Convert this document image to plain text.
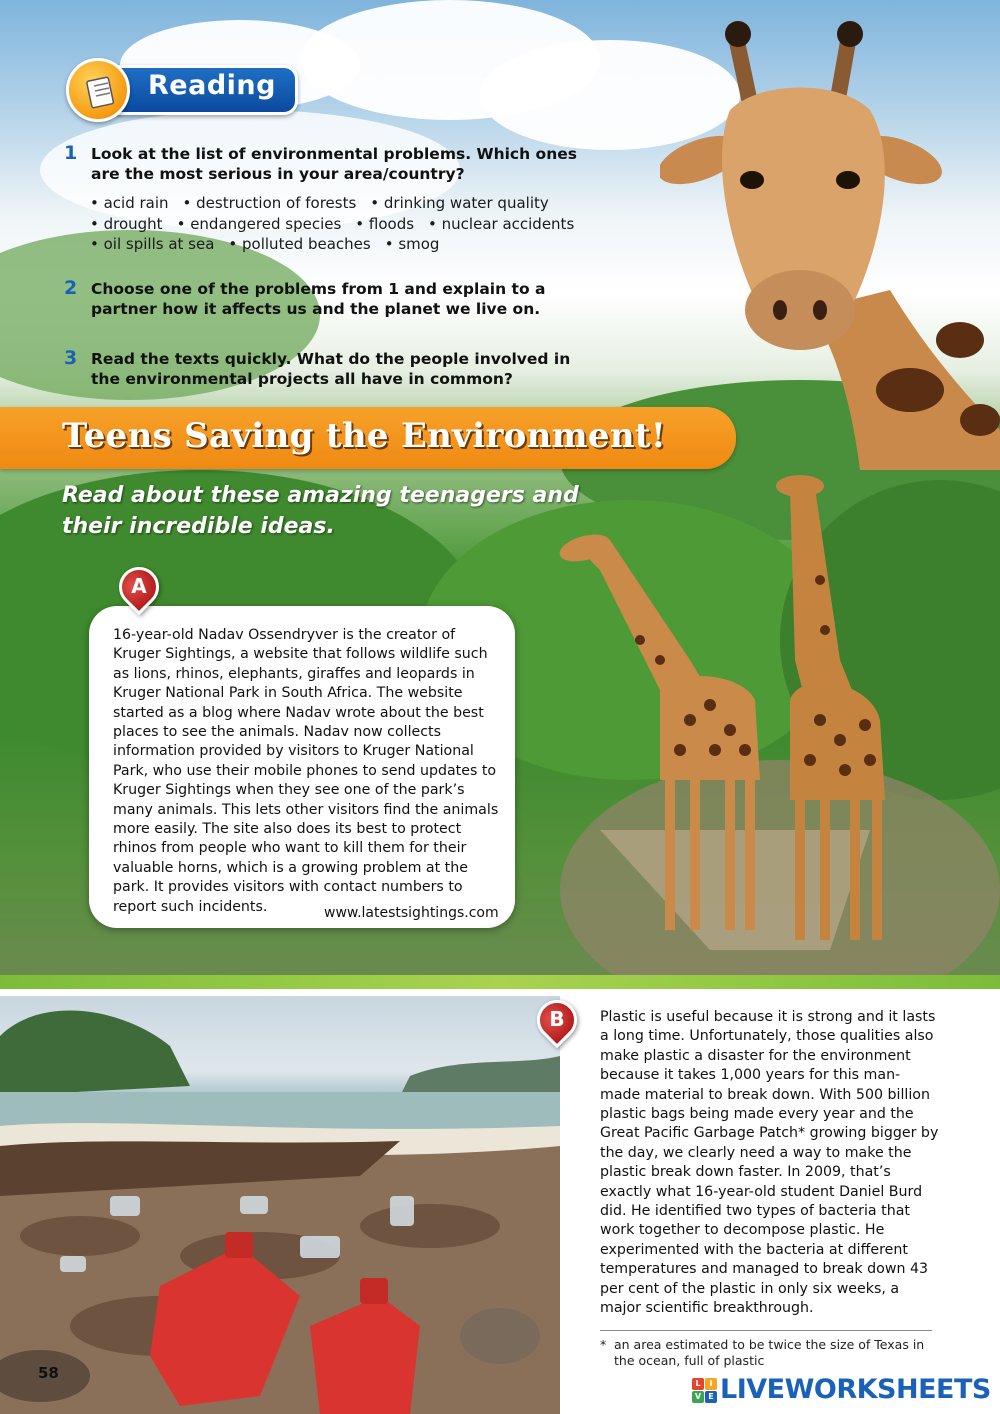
Reading
1 Look at the list of environmental problems. Which ones are the most serious in your area/country?
• acid rain • destruction of forests • drinking water quality
• drought • endangered species • floods • nuclear accidents
• oil spills at sea • polluted beaches • smog
2 Choose one of the problems from 1 and explain to a partner how it affects us and the planet we live on.
3 Read the texts quickly. What do the people involved in the environmental projects all have in common?
Teens Saving the Environment!
Read about these amazing teenagers and their incredible ideas.
A
16-year-old Nadav Ossendryver is the creator of Kruger Sightings, a website that follows wildlife such as lions, rhinos, elephants, giraffes and leopards in Kruger National Park in South Africa. The website started as a blog where Nadav wrote about the best places to see the animals. Nadav now collects information provided by visitors to Kruger National Park, who use their mobile phones to send updates to Kruger Sightings when they see one of the park’s many animals. This lets other visitors find the animals more easily. The site also does its best to protect rhinos from people who want to kill them for their valuable horns, which is a growing problem at the park. It provides visitors with contact numbers to report such incidents.	www.latestsightings.com
B	Plastic is useful because it is strong and it lasts a long time. Unfortunately, those qualities also make plastic a disaster for the environment because it takes 1,000 years for this man-made material to break down. With 500 billion plastic bags being made every year and the Great Pacific Garbage Patch* growing bigger by the day, we clearly need a way to make the plastic break down faster. In 2009, that’s exactly what 16-year-old student Daniel Burd did. He identified two types of bacteria that work together to decompose plastic. He experimented with the bacteria at different temperatures and managed to break down 43 per cent of the plastic in only six weeks, a major scientific breakthrough.
* an area estimated to be twice the size of Texas in the ocean, full of plastic
58
L	I
V E LIVEWORKSHEETS
